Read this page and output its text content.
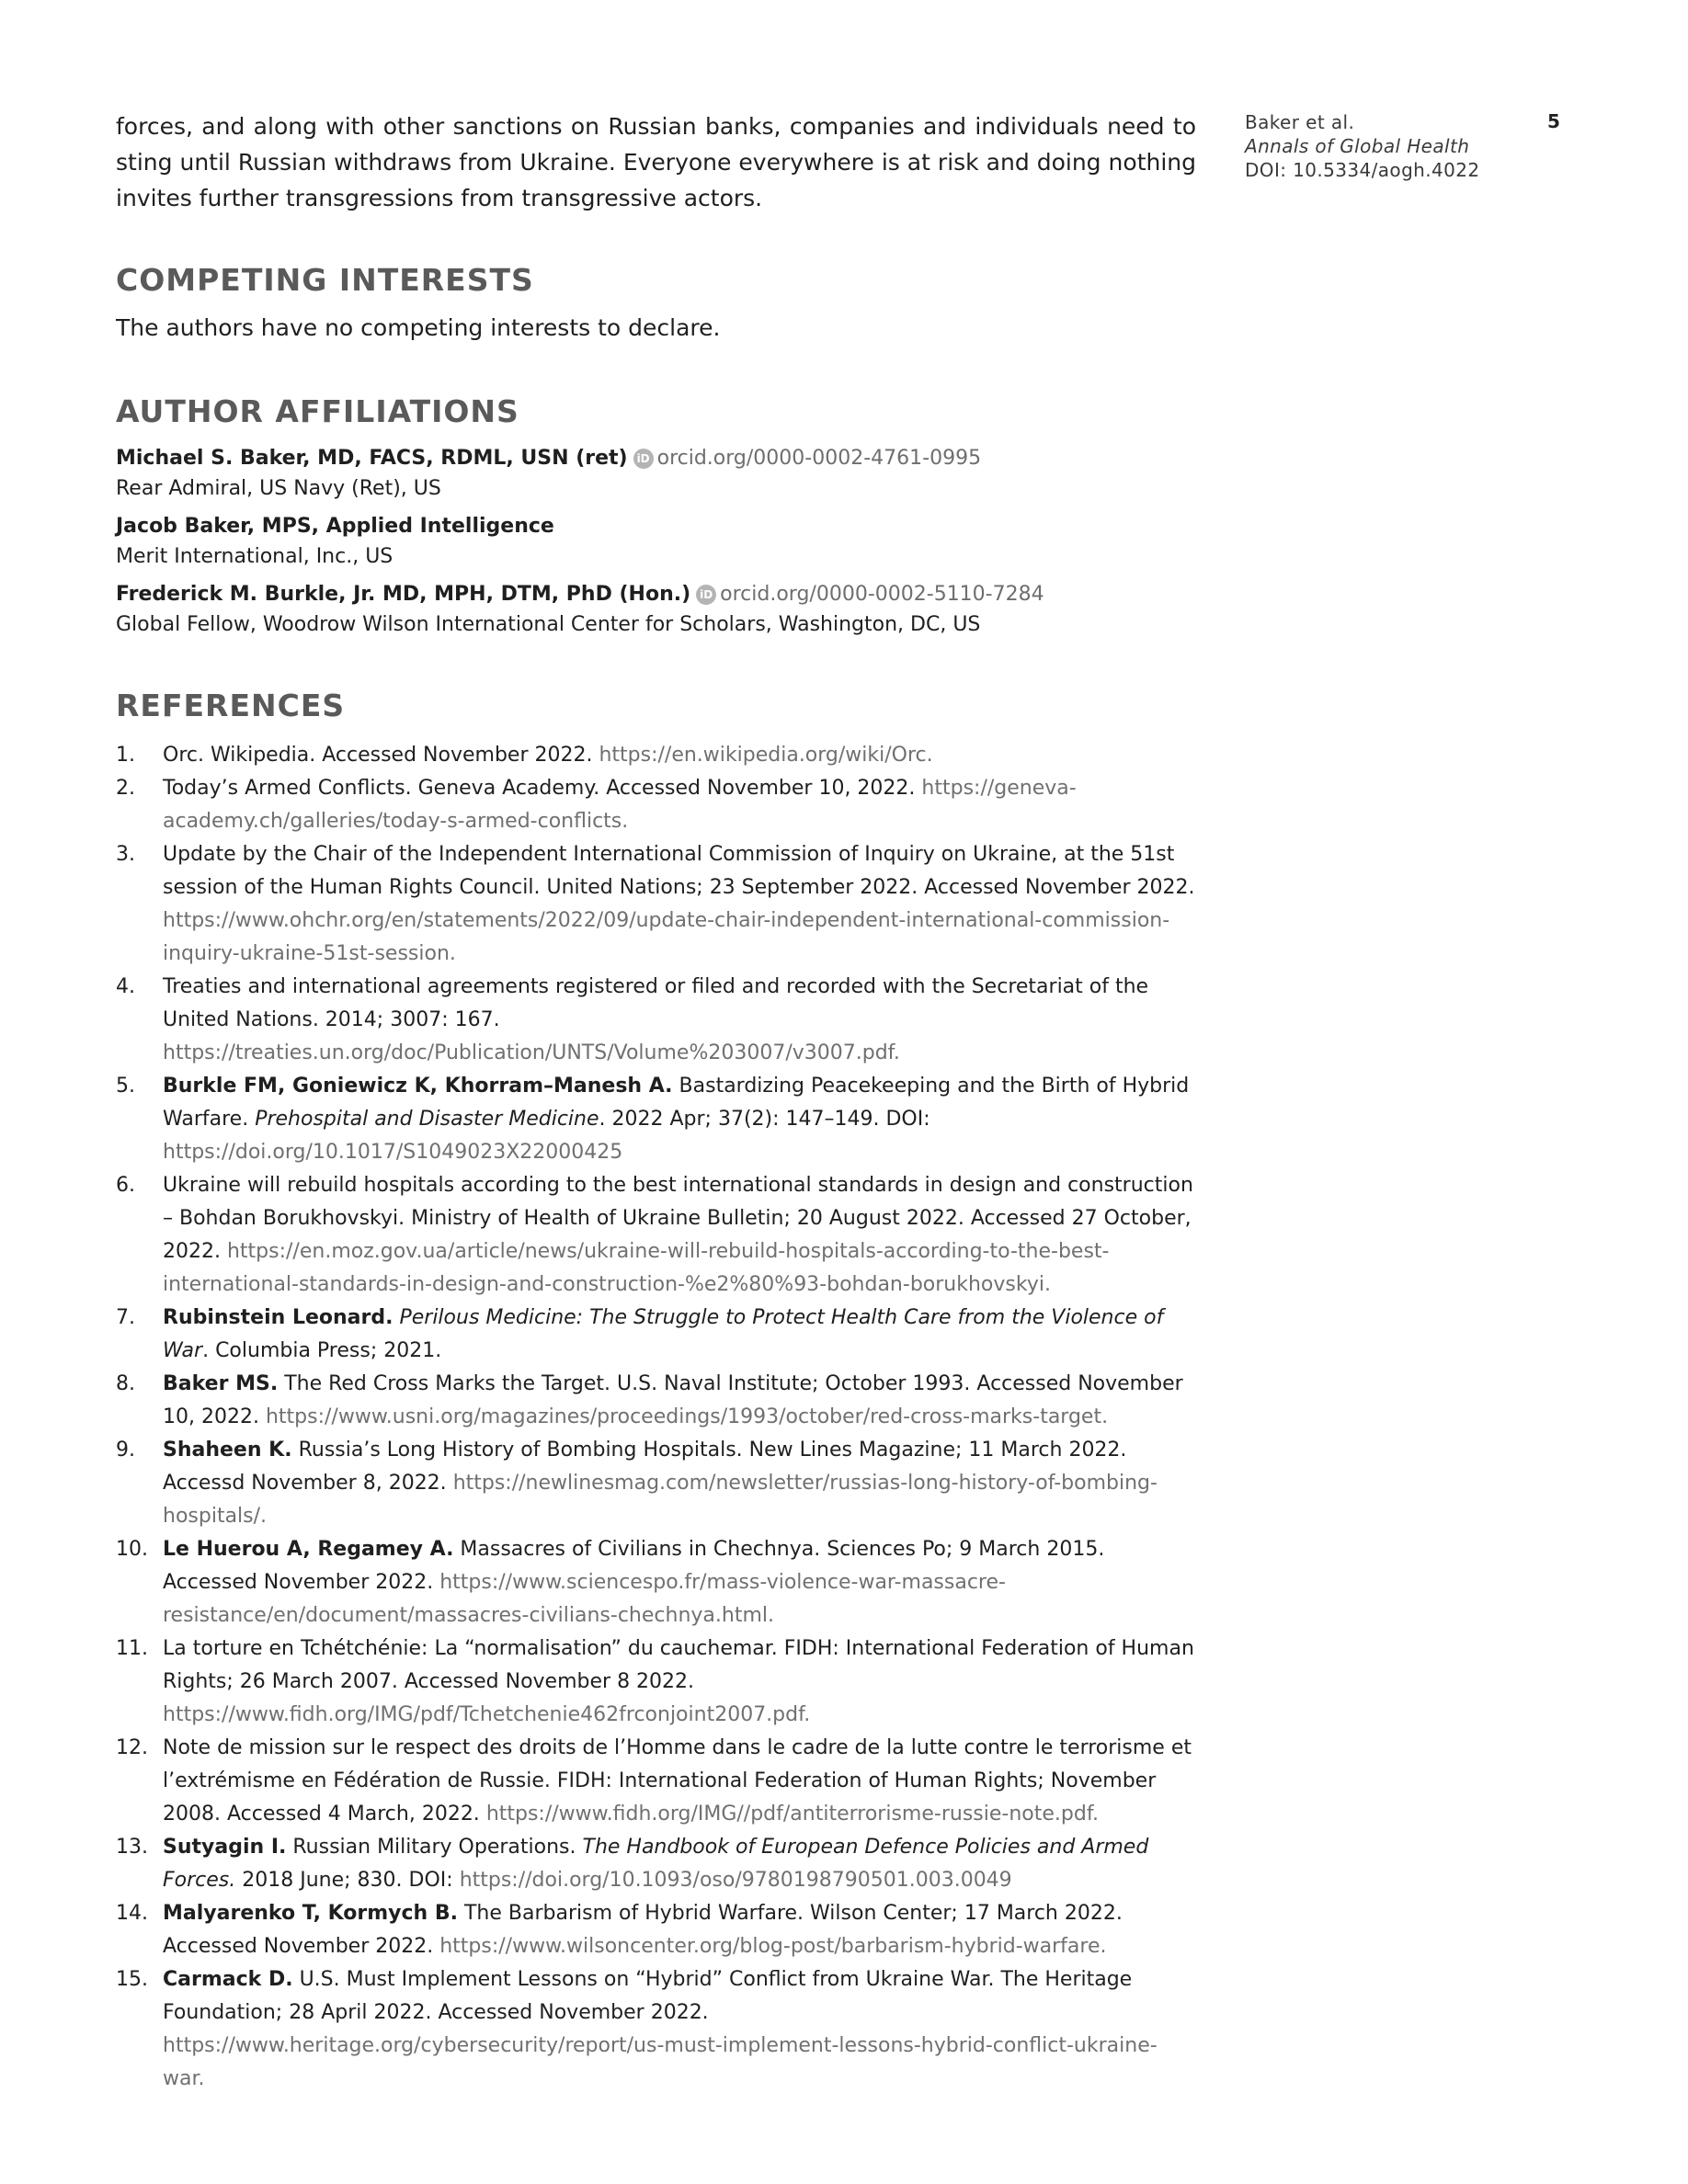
Baker et al.
Annals of Global Health
DOI: 10.5334/aogh.4022
5

forces, and along with other sanctions on Russian banks, companies and individuals need to sting until Russian withdraws from Ukraine. Everyone everywhere is at risk and doing nothing invites further transgressions from transgressive actors.

COMPETING INTERESTS

The authors have no competing interests to declare.

AUTHOR AFFILIATIONS
Michael S. Baker, MD, FACS, RDML, USN (ret) iD orcid.org/0000-0002-4761-0995
Rear Admiral, US Navy (Ret), US
Jacob Baker, MPS, Applied Intelligence
Merit International, Inc., US
Frederick M. Burkle, Jr. MD, MPH, DTM, PhD (Hon.) iD orcid.org/0000-0002-5110-7284
Global Fellow, Woodrow Wilson International Center for Scholars, Washington, DC, US
REFERENCES
1. Orc. Wikipedia. Accessed November 2022. https://en.wikipedia.org/wiki/Orc.
2. Today’s Armed Conflicts. Geneva Academy. Accessed November 10, 2022. https://geneva-academy.ch/galleries/today-s-armed-conflicts.
3. Update by the Chair of the Independent International Commission of Inquiry on Ukraine, at the 51st session of the Human Rights Council. United Nations; 23 September 2022. Accessed November 2022. https://www.ohchr.org/en/statements/2022/09/update-chair-independent-international-commission-inquiry-ukraine-51st-session.
4. Treaties and international agreements registered or filed and recorded with the Secretariat of the United Nations. 2014; 3007: 167. https://treaties.un.org/doc/Publication/UNTS/Volume%203007/v3007.pdf.
5. Burkle FM, Goniewicz K, Khorram–Manesh A. Bastardizing Peacekeeping and the Birth of Hybrid Warfare. Prehospital and Disaster Medicine. 2022 Apr; 37(2): 147–149. DOI: https://doi.org/10.1017/S1049023X22000425
6. Ukraine will rebuild hospitals according to the best international standards in design and construction – Bohdan Borukhovskyi. Ministry of Health of Ukraine Bulletin; 20 August 2022. Accessed 27 October, 2022. https://en.moz.gov.ua/article/news/ukraine-will-rebuild-hospitals-according-to-the-best-international-standards-in-design-and-construction-%e2%80%93-bohdan-borukhovskyi.
7. Rubinstein Leonard. Perilous Medicine: The Struggle to Protect Health Care from the Violence of War. Columbia Press; 2021.
8. Baker MS. The Red Cross Marks the Target. U.S. Naval Institute; October 1993. Accessed November 10, 2022. https://www.usni.org/magazines/proceedings/1993/october/red-cross-marks-target.
9. Shaheen K. Russia’s Long History of Bombing Hospitals. New Lines Magazine; 11 March 2022. Accessd November 8, 2022. https://newlinesmag.com/newsletter/russias-long-history-of-bombing-hospitals/.
10. Le Huerou A, Regamey A. Massacres of Civilians in Chechnya. Sciences Po; 9 March 2015. Accessed November 2022. https://www.sciencespo.fr/mass-violence-war-massacre-resistance/en/document/massacres-civilians-chechnya.html.
11. La torture en Tchétchénie: La “normalisation” du cauchemar. FIDH: International Federation of Human Rights; 26 March 2007. Accessed November 8 2022. https://www.fidh.org/IMG/pdf/Tchetchenie462frconjoint2007.pdf.
12. Note de mission sur le respect des droits de l’Homme dans le cadre de la lutte contre le terrorisme et l’extrémisme en Fédération de Russie. FIDH: International Federation of Human Rights; November 2008. Accessed 4 March, 2022. https://www.fidh.org/IMG//pdf/antiterrorisme-russie-note.pdf.
13. Sutyagin I. Russian Military Operations. The Handbook of European Defence Policies and Armed Forces. 2018 June; 830. DOI: https://doi.org/10.1093/oso/9780198790501.003.0049
14. Malyarenko T, Kormych B. The Barbarism of Hybrid Warfare. Wilson Center; 17 March 2022. Accessed November 2022. https://www.wilsoncenter.org/blog-post/barbarism-hybrid-warfare.
15. Carmack D. U.S. Must Implement Lessons on “Hybrid” Conflict from Ukraine War. The Heritage Foundation; 28 April 2022. Accessed November 2022. https://www.heritage.org/cybersecurity/report/us-must-implement-lessons-hybrid-conflict-ukraine-war.
